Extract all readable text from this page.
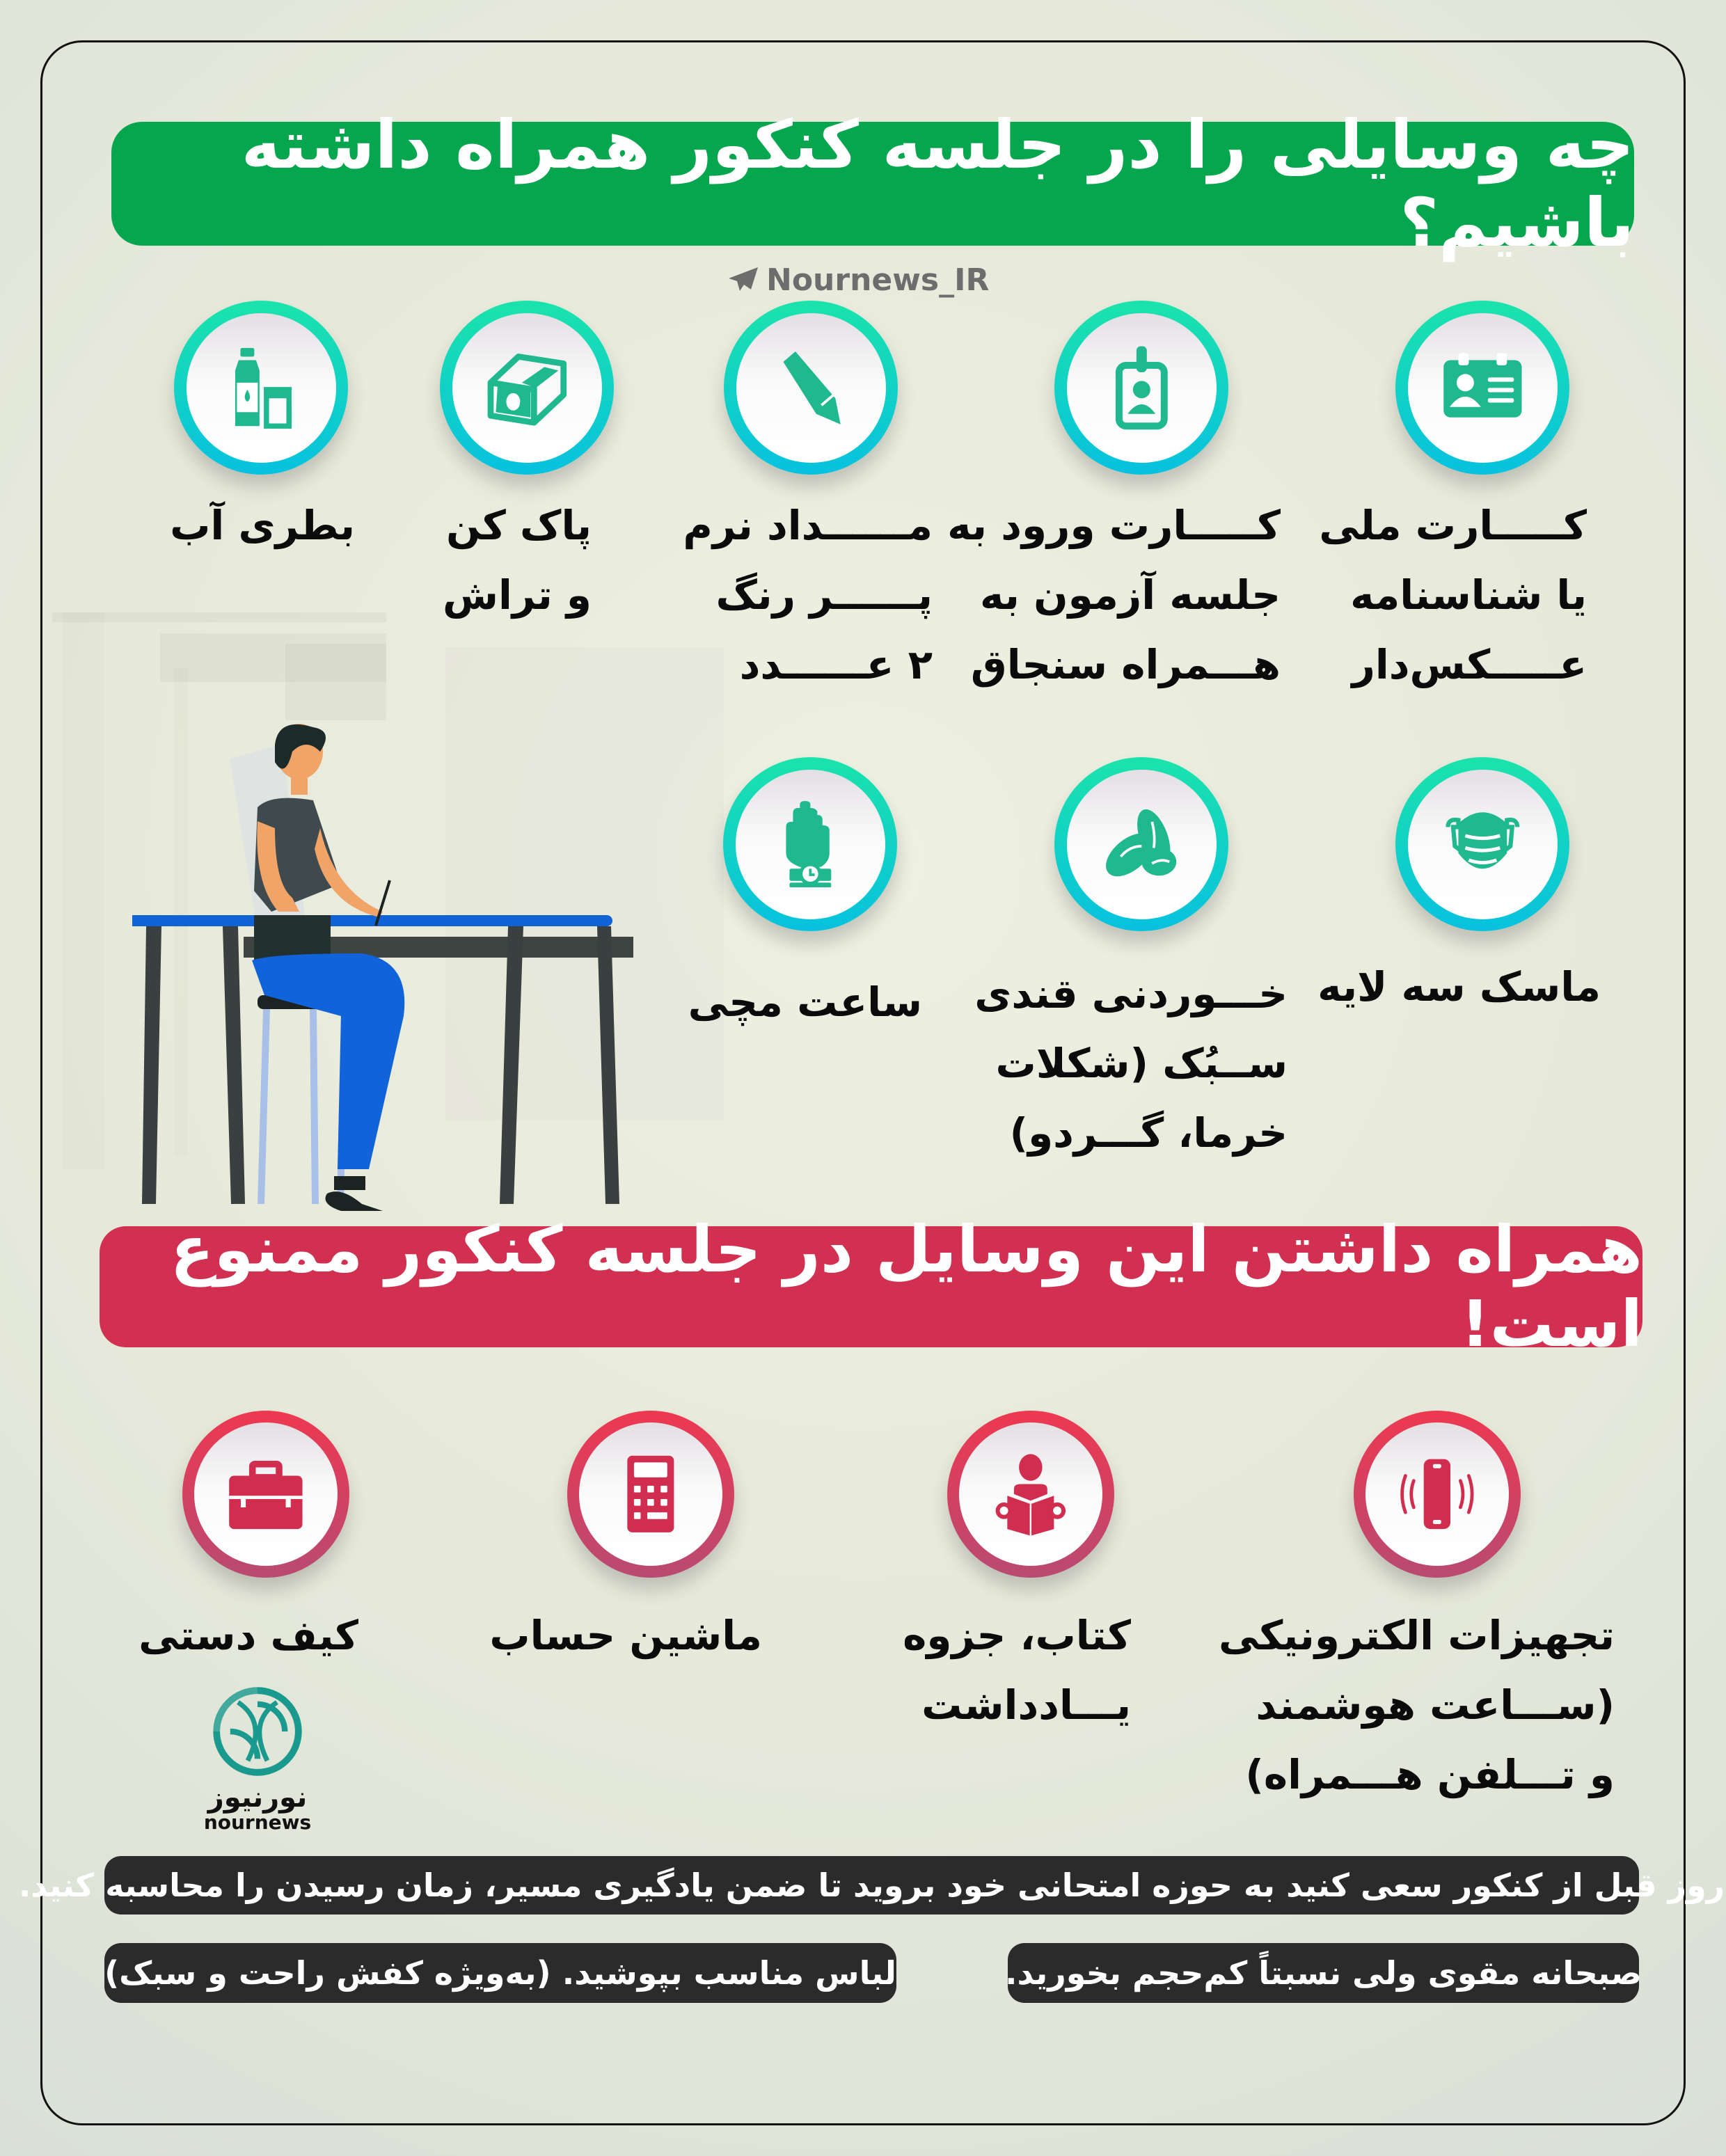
چه وسایلی را در جلسه کنکور همراه داشته باشیم؟
Nournews_IR
کـــــارت ملی
یا شناسنامه
عـــــکس‌دار
کـــــارت ورود به
جلسه آزمون به
هـــمراه سنجاق
مــــــداد نرم
پــــــر رنگ
۲ عــــــدد
پاک کن
و تراش
بطری آب
ماسک سه لایه
خـــوردنی قندی
ســبُک (شکلات
خرما، گـــردو)
ساعت مچی
همراه داشتن این وسایل در جلسه کنکور ممنوع است!
تجهیزات الکترونیکی
(ســـاعت هوشمند
و تـــلفن هـــمراه)
کتاب، جزوه
یـــادداشت
ماشین حساب
کیف دستی
نورنیوز
nournews
روز قبل از کنکور سعی کنید به حوزه امتحانی خود بروید تا ضمن یادگیری مسیر، زمان رسیدن را محاسبه کنید.
صبحانه مقوی ولی نسبتاً کم‌حجم بخورید.
لباس مناسب بپوشید. (به‌ویژه کفش راحت و سبک)
